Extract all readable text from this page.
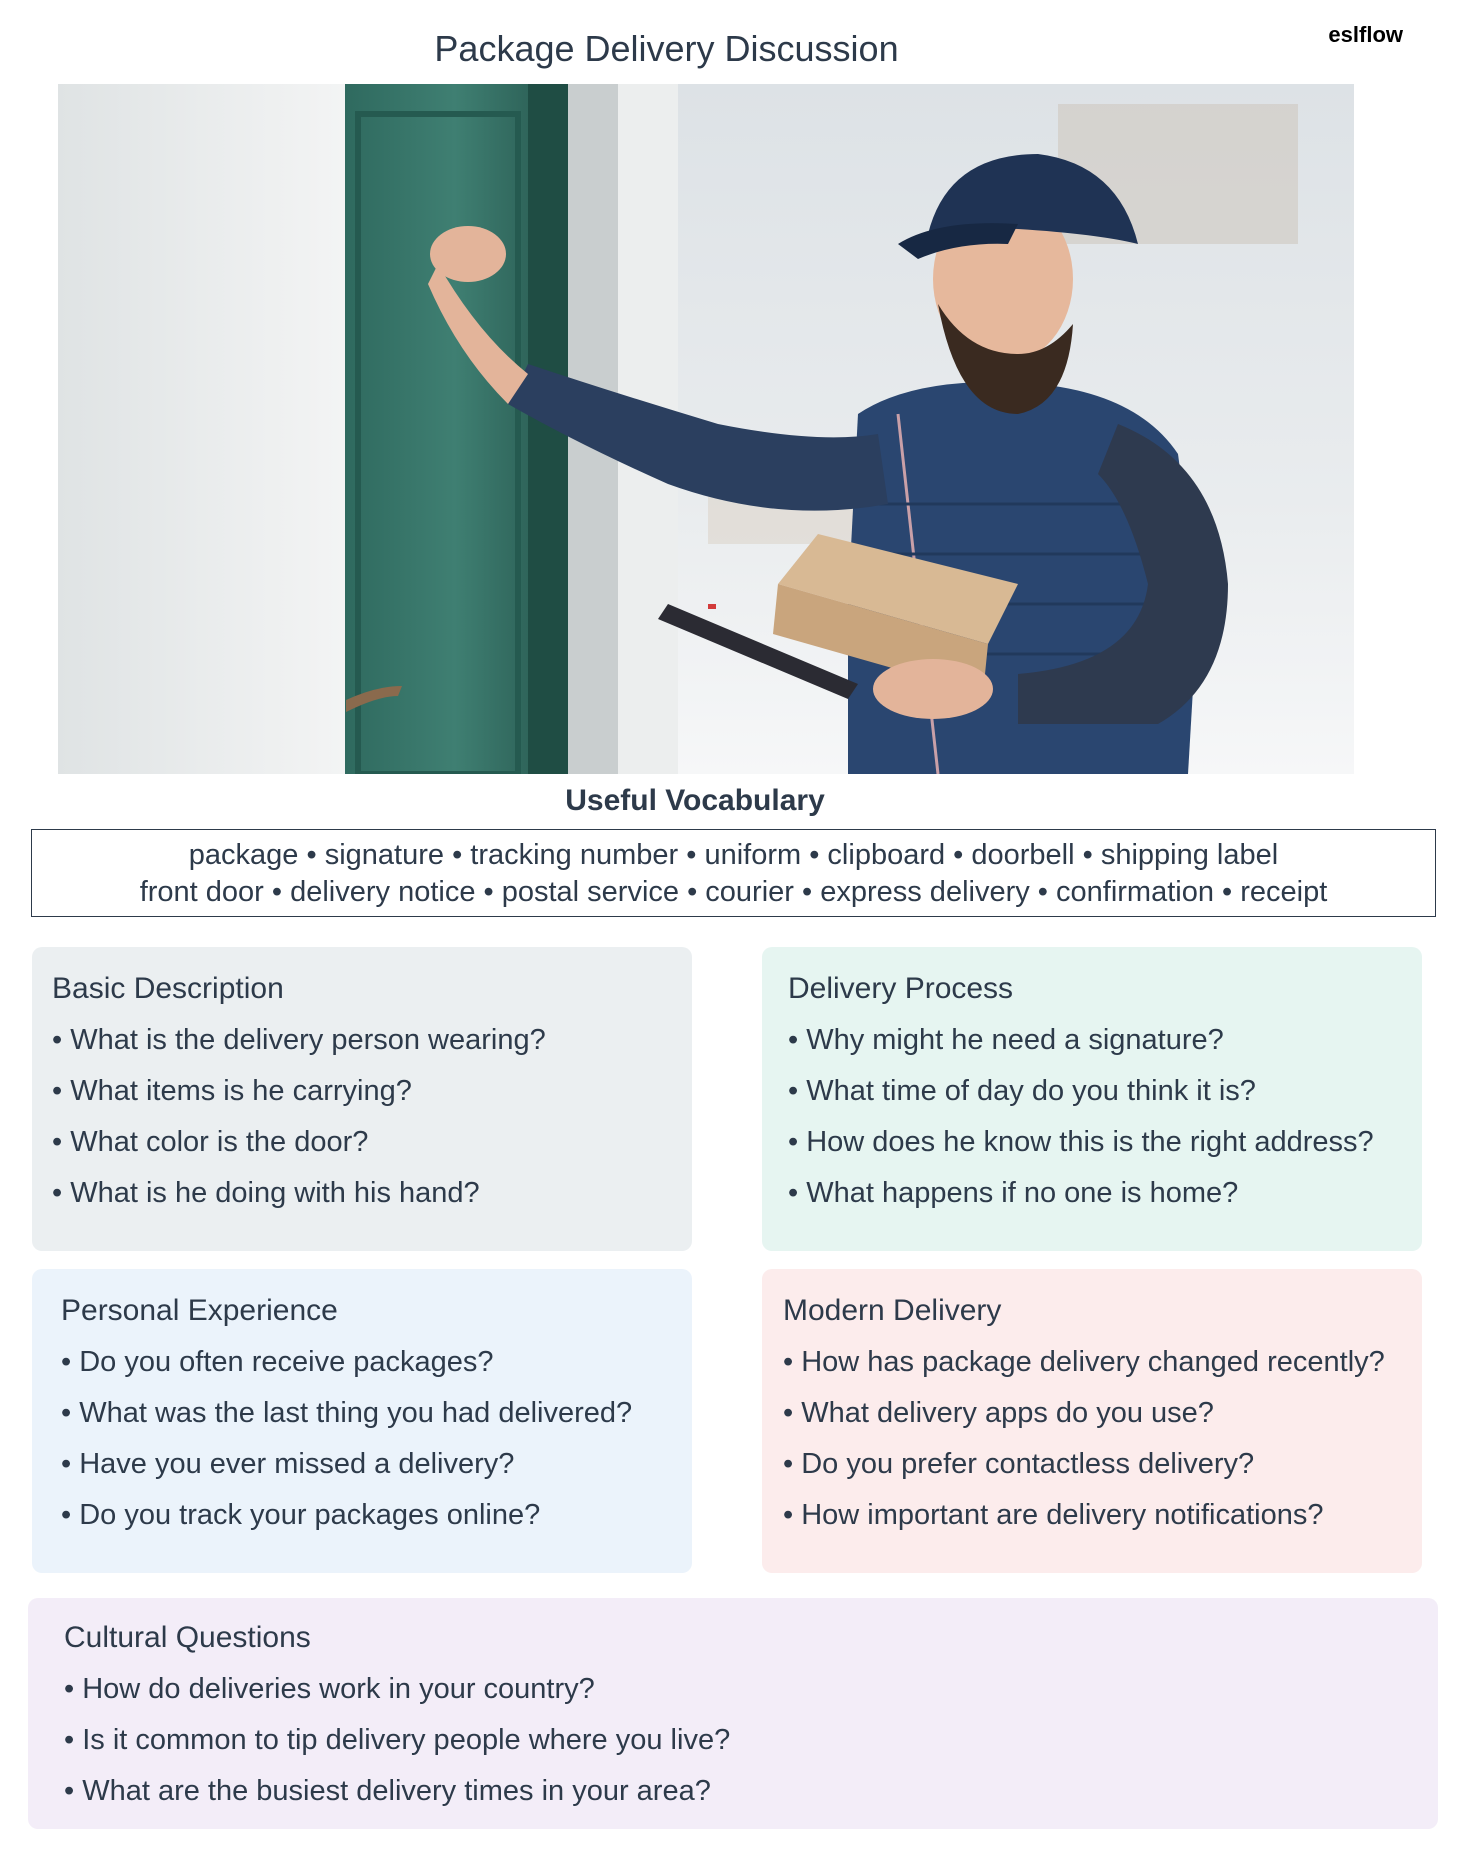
eslflow
Package Delivery Discussion
Useful Vocabulary
package • signature • tracking number • uniform • clipboard • doorbell • shipping label
front door • delivery notice • postal service • courier • express delivery • confirmation • receipt
Basic Description
• What is the delivery person wearing?
• What items is he carrying?
• What color is the door?
• What is he doing with his hand?
Delivery Process
• Why might he need a signature?
• What time of day do you think it is?
• How does he know this is the right address?
• What happens if no one is home?
Personal Experience
• Do you often receive packages?
• What was the last thing you had delivered?
• Have you ever missed a delivery?
• Do you track your packages online?
Modern Delivery
• How has package delivery changed recently?
• What delivery apps do you use?
• Do you prefer contactless delivery?
• How important are delivery notifications?
Cultural Questions
• How do deliveries work in your country?
• Is it common to tip delivery people where you live?
• What are the busiest delivery times in your area?
